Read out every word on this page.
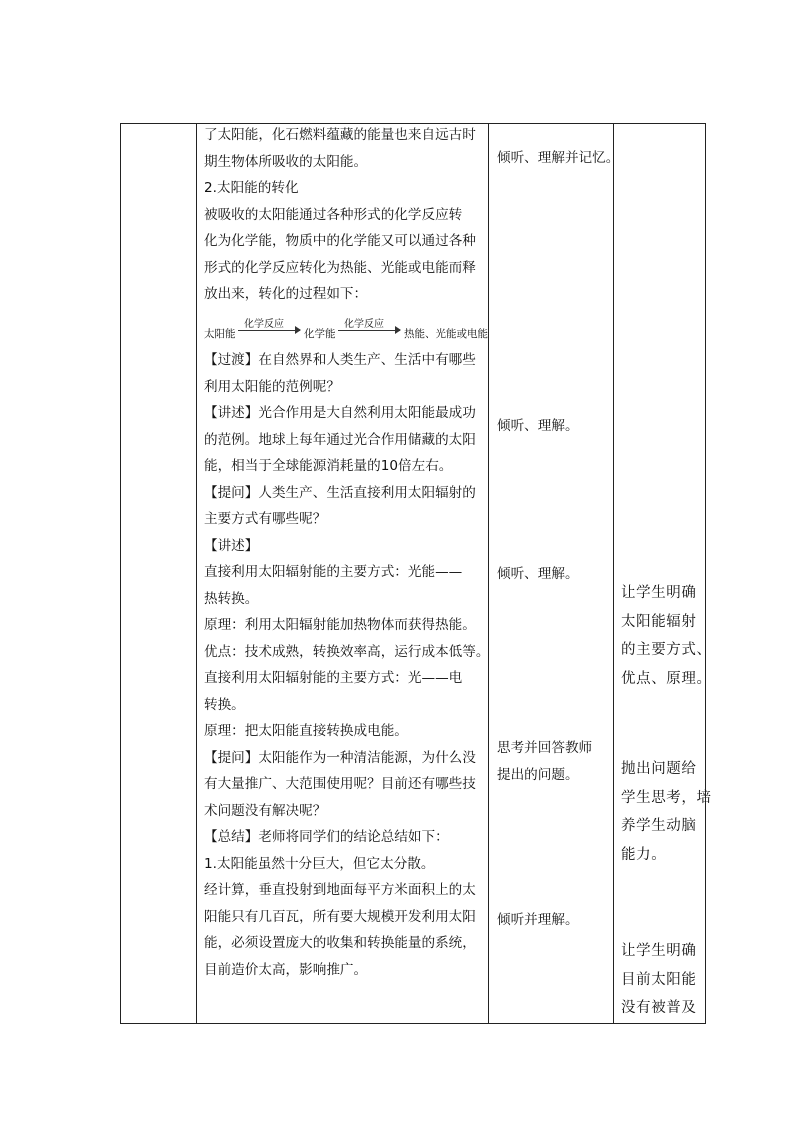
了太阳能，化石燃料蕴藏的能量也来自远古时
期生物体所吸收的太阳能。
2.太阳能的转化
被吸收的太阳能通过各种形式的化学反应转
化为化学能，物质中的化学能又可以通过各种
形式的化学反应转化为热能、光能或电能而释
放出来，转化的过程如下：
太阳能
化学反应
化学能
化学反应
热能、光能或电能
【过渡】在自然界和人类生产、生活中有哪些
利用太阳能的范例呢？
【讲述】光合作用是大自然利用太阳能最成功
的范例。地球上每年通过光合作用储藏的太阳
能，相当于全球能源消耗量的10倍左右。
【提问】人类生产、生活直接利用太阳辐射的
主要方式有哪些呢？
【讲述】
直接利用太阳辐射能的主要方式：光能——
热转换。
原理：利用太阳辐射能加热物体而获得热能。
优点：技术成熟，转换效率高，运行成本低等。
直接利用太阳辐射能的主要方式：光——电
转换。
原理：把太阳能直接转换成电能。
【提问】太阳能作为一种清洁能源，为什么没
有大量推广、大范围使用呢？目前还有哪些技
术问题没有解决呢？
【总结】老师将同学们的结论总结如下：
1.太阳能虽然十分巨大，但它太分散。
经计算，垂直投射到地面每平方米面积上的太
阳能只有几百瓦，所有要大规模开发利用太阳
能，必须设置庞大的收集和转换能量的系统，
目前造价太高，影响推广。
倾听、理解并记忆。
倾听、理解。
倾听、理解。
思考并回答教师
提出的问题。
倾听并理解。
让学生明确
太阳能辐射
的主要方式、
优点、原理。
抛出问题给
学生思考，培
养学生动脑
能力。
让学生明确
目前太阳能
没有被普及
